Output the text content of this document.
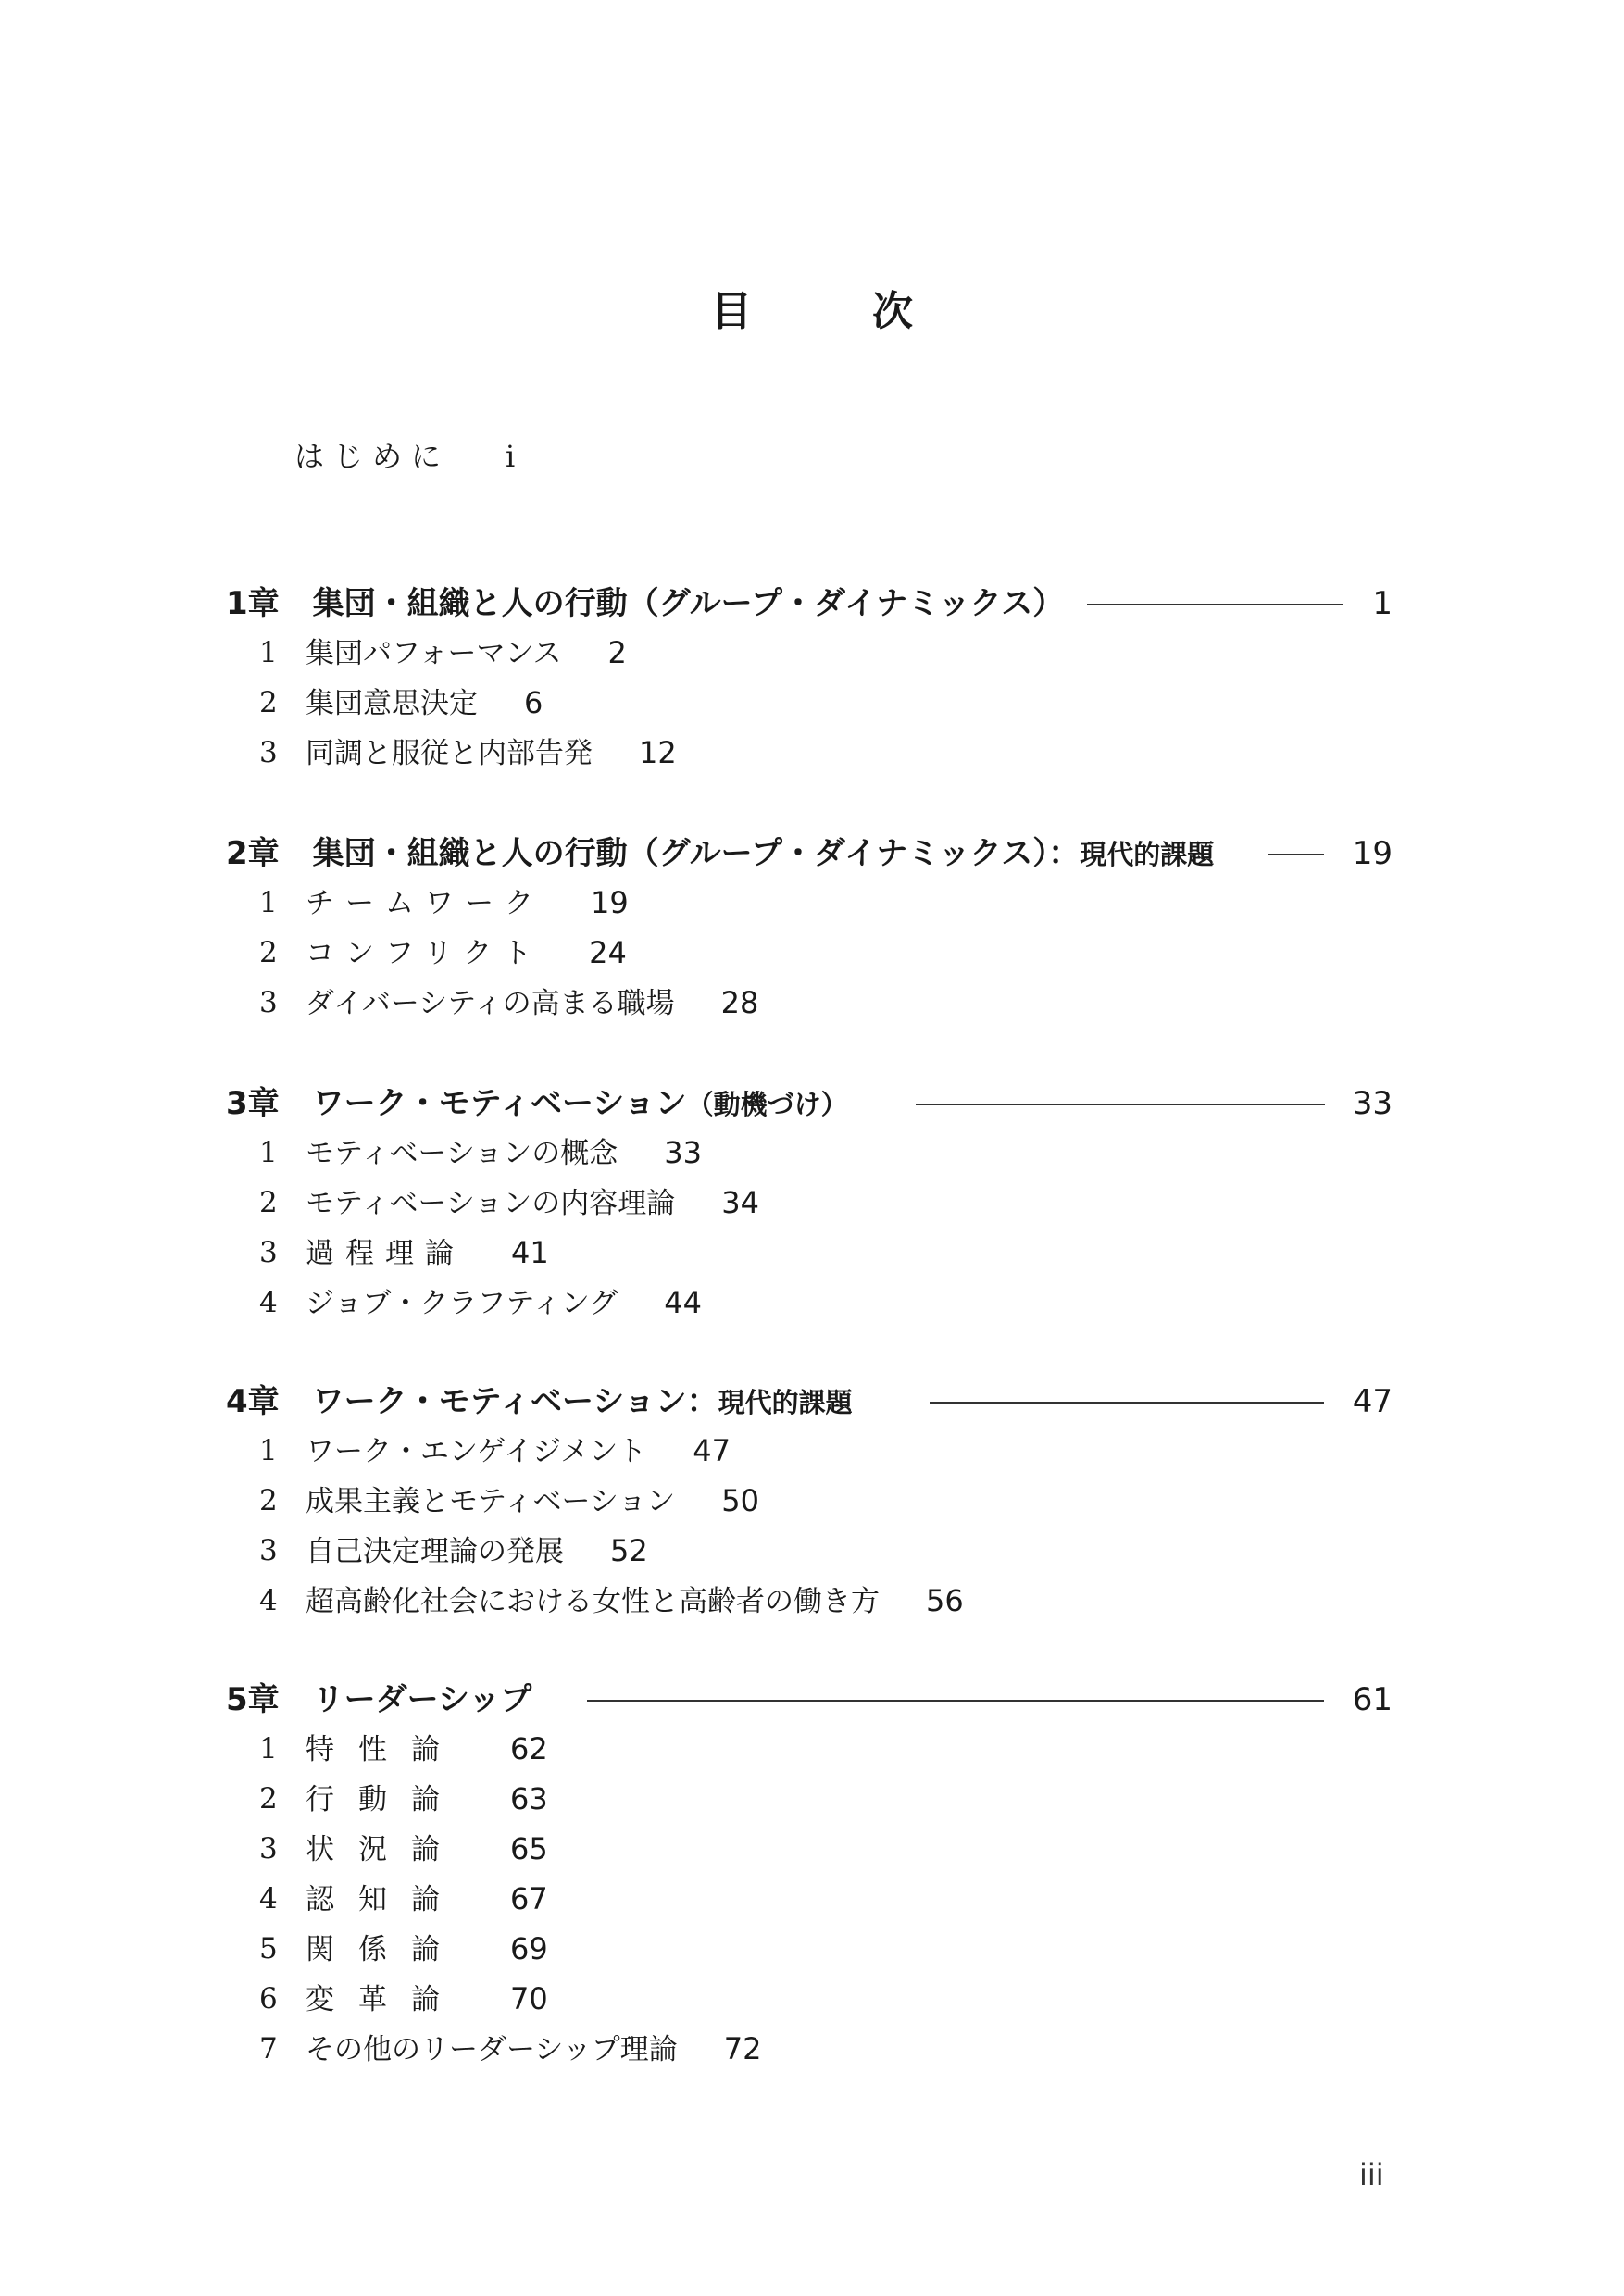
目	次
はじめに i
1章 集団・組織と人の行動（グループ・ダイナミックス）	1
1 集団パフォーマンス 2
2 集団意思決定 6
3 同調と服従と内部告発 12
2章 集団・組織と人の行動（グループ・ダイナミックス）：現代的課題	19
1 チームワーク 19
2 コンフリクト 24
3 ダイバーシティの高まる職場 28
3章 ワーク・モティベーション（動機づけ）	33
1 モティベーションの概念 33
2 モティベーションの内容理論 34
3 過程理論 41
4 ジョブ・クラフティング 44
4章 ワーク・モティベーション：現代的課題	47
1 ワーク・エンゲイジメント 47
2 成果主義とモティベーション 50
3 自己決定理論の発展 52
4 超高齢化社会における女性と高齢者の働き方 56
5章 リーダーシップ	61
1 特性論 62
2 行動論 63
3 状況論 65
4 認知論 67
5 関係論 69
6 変革論 70
7 その他のリーダーシップ理論 72
iii
